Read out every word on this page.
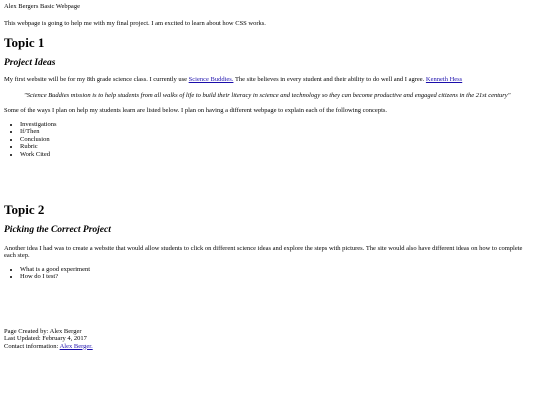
Alex Bergers Basic Webpage
This webpage is going to help me with my final project. I am excited to learn about how CSS works.
Topic 1
Project Ideas
My first website will be for my 8th grade science class. I currently use Science Buddies. The site believes in every student and their ability to do well and I agree. Kenneth Hess
"Science Buddies mission is to help students from all walks of life to build their literacy in science and technology so they can become productive and engaged citizens in the 21st century"
Some of the ways I plan on help my students learn are listed below. I plan on having a different webpage to explain each of the following concepts.
• Investigations
• If/Then
• Conclusion
• Rubric
• Work Cited
Topic 2
Picking the Correct Project
Another idea I had was to create a website that would allow students to click on different science ideas and explore the steps with pictures. The site would also have different ideas on how to complete each step.
• What is a good experiment
• How do I test?
Page Created by: Alex Berger
Last Updated: February 4, 2017
Contact information: Alex Berger.
